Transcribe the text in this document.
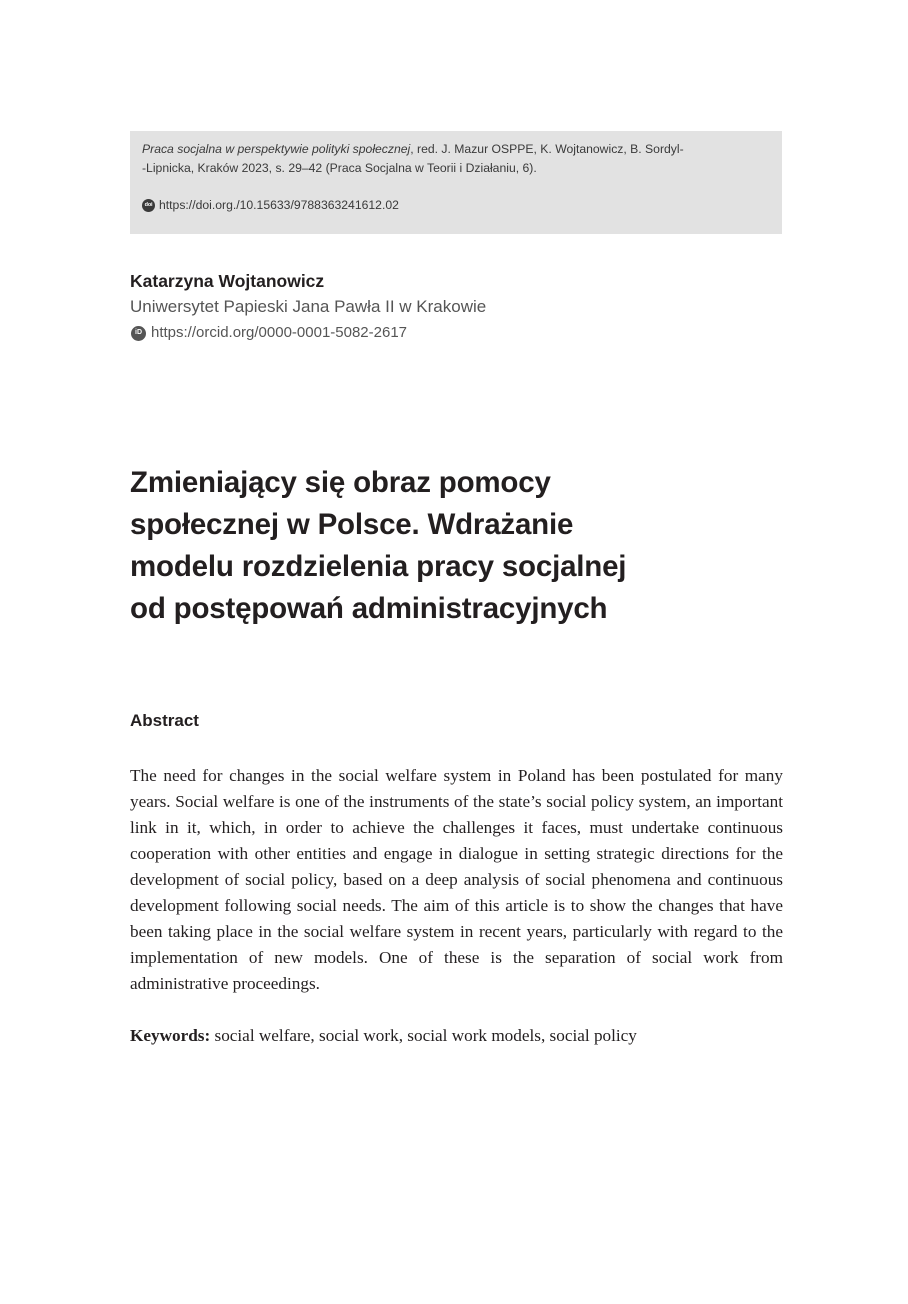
Praca socjalna w perspektywie polityki społecznej, red. J. Mazur OSPPE, K. Wojtanowicz, B. Sordyl-
-Lipnicka, Kraków 2023, s. 29–42 (Praca Socjalna w Teorii i Działaniu, 6).

doi https://doi.org./10.15633/9788363241612.02
Katarzyna Wojtanowicz
Uniwersytet Papieski Jana Pawła II w Krakowie
iD https://orcid.org/0000-0001-5082-2617
Zmieniający się obraz pomocy
społecznej w Polsce. Wdrażanie
modelu rozdzielenia pracy socjalnej
od postępowań administracyjnych
Abstract

The need for changes in the social welfare system in Poland has been postulated for many years. Social welfare is one of the instruments of the state’s social policy system, an important link in it, which, in order to achieve the challenges it faces, must undertake continuous cooperation with other entities and engage in dialogue in setting strategic directions for the development of social policy, based on a deep analysis of social phenomena and continuous development following social needs. The aim of this article is to show the changes that have been taking place in the social welfare system in recent years, particularly with regard to the implementation of new models. One of these is the separation of social work from administrative proceedings.

Keywords: social welfare, social work, social work models, social policy
